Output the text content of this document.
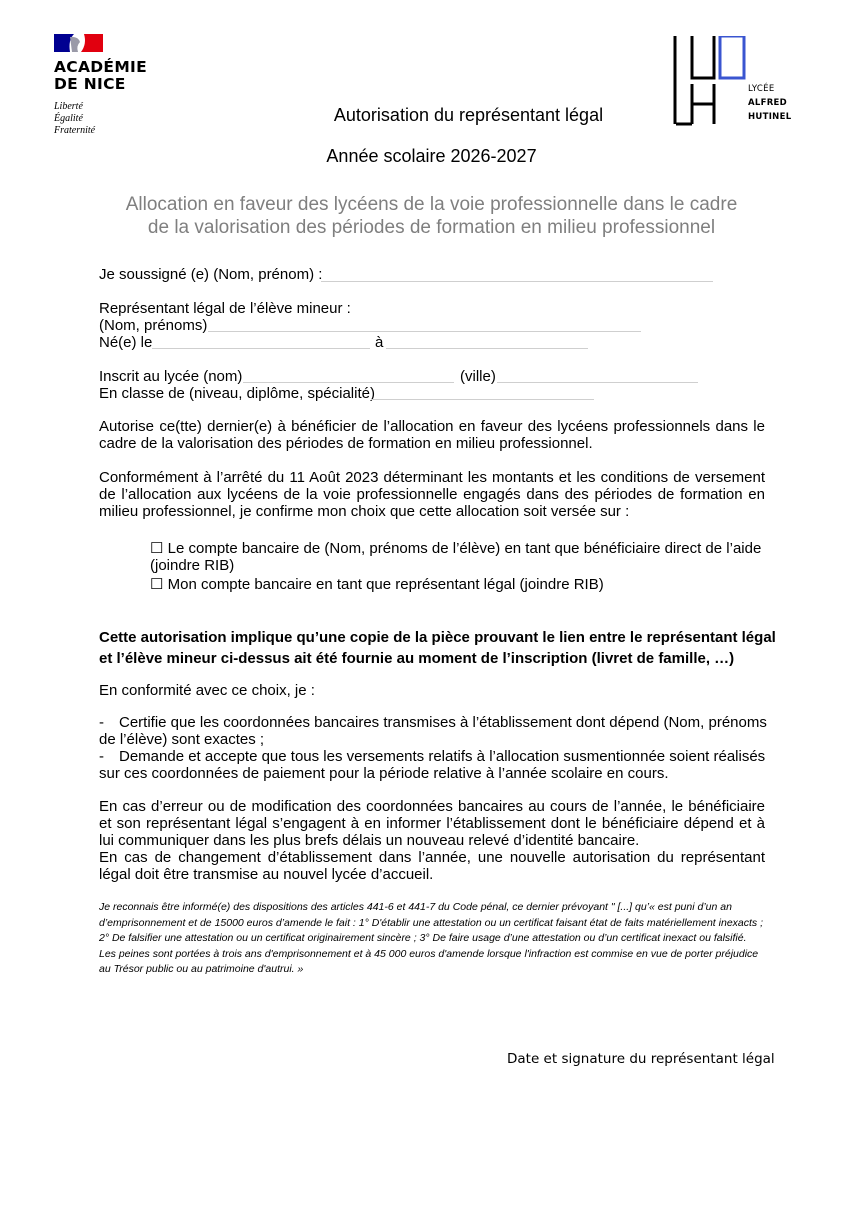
ACADÉMIE
DE NICE
Liberté
Égalité
Fraternité
LYCÉE
ALFRED
HUTINEL
Autorisation du représentant légal
Année scolaire 2026-2027
Allocation en faveur des lycéens de la voie professionnelle dans le cadre
de la valorisation des périodes de formation en milieu professionnel
Je soussigné (e) (Nom, prénom) :
Représentant légal de l’élève mineur :
(Nom, prénoms)
Né(e) le	à
Inscrit au lycée (nom)	(ville)
En classe de (niveau, diplôme, spécialité)
Autorise ce(tte) dernier(e) à bénéficier de l’allocation en faveur des lycéens professionnels dans le cadre de la valorisation des périodes de formation en milieu professionnel.
Conformément à l’arrêté du 11 Août 2023 déterminant les montants et les conditions de versement de l’allocation aux lycéens de la voie professionnelle engagés dans des périodes de formation en milieu professionnel, je confirme mon choix que cette allocation soit versée sur :
☐ Le compte bancaire de (Nom, prénoms de l’élève) en tant que bénéficiaire direct de l’aide
(joindre RIB)
☐ Mon compte bancaire en tant que représentant légal (joindre RIB)
Cette autorisation implique qu’une copie de la pièce prouvant le lien entre le représentant légal
et l’élève mineur ci-dessus ait été fournie au moment de l’inscription (livret de famille, …)
En conformité avec ce choix, je :
- Certifie que les coordonnées bancaires transmises à l’établissement dont dépend (Nom, prénoms
de l’élève) sont exactes ;
- Demande et accepte que tous les versements relatifs à l’allocation susmentionnée soient réalisés
sur ces coordonnées de paiement pour la période relative à l’année scolaire en cours.
En cas d’erreur ou de modification des coordonnées bancaires au cours de l’année, le bénéficiaire et son représentant légal s’engagent à en informer l’établissement dont le bénéficiaire dépend et à lui communiquer dans les plus brefs délais un nouveau relevé d’identité bancaire.
En cas de changement d’établissement dans l’année, une nouvelle autorisation du représentant légal doit être transmise au nouvel lycée d’accueil.
Je reconnais être informé(e) des dispositions des articles 441-6 et 441-7 du Code pénal, ce dernier prévoyant " [...] qu’« est puni d’un an d’emprisonnement et de 15000 euros d’amende le fait : 1° D'établir une attestation ou un certificat faisant état de faits matériellement inexacts ; 2° De falsifier une attestation ou un certificat originairement sincère ; 3° De faire usage d’une attestation ou d’un certificat inexact ou falsifié. Les peines sont portées à trois ans d'emprisonnement et à 45 000 euros d'amende lorsque l'infraction est commise en vue de porter préjudice au Trésor public ou au patrimoine d'autrui. »
Date et signature du représentant légal
